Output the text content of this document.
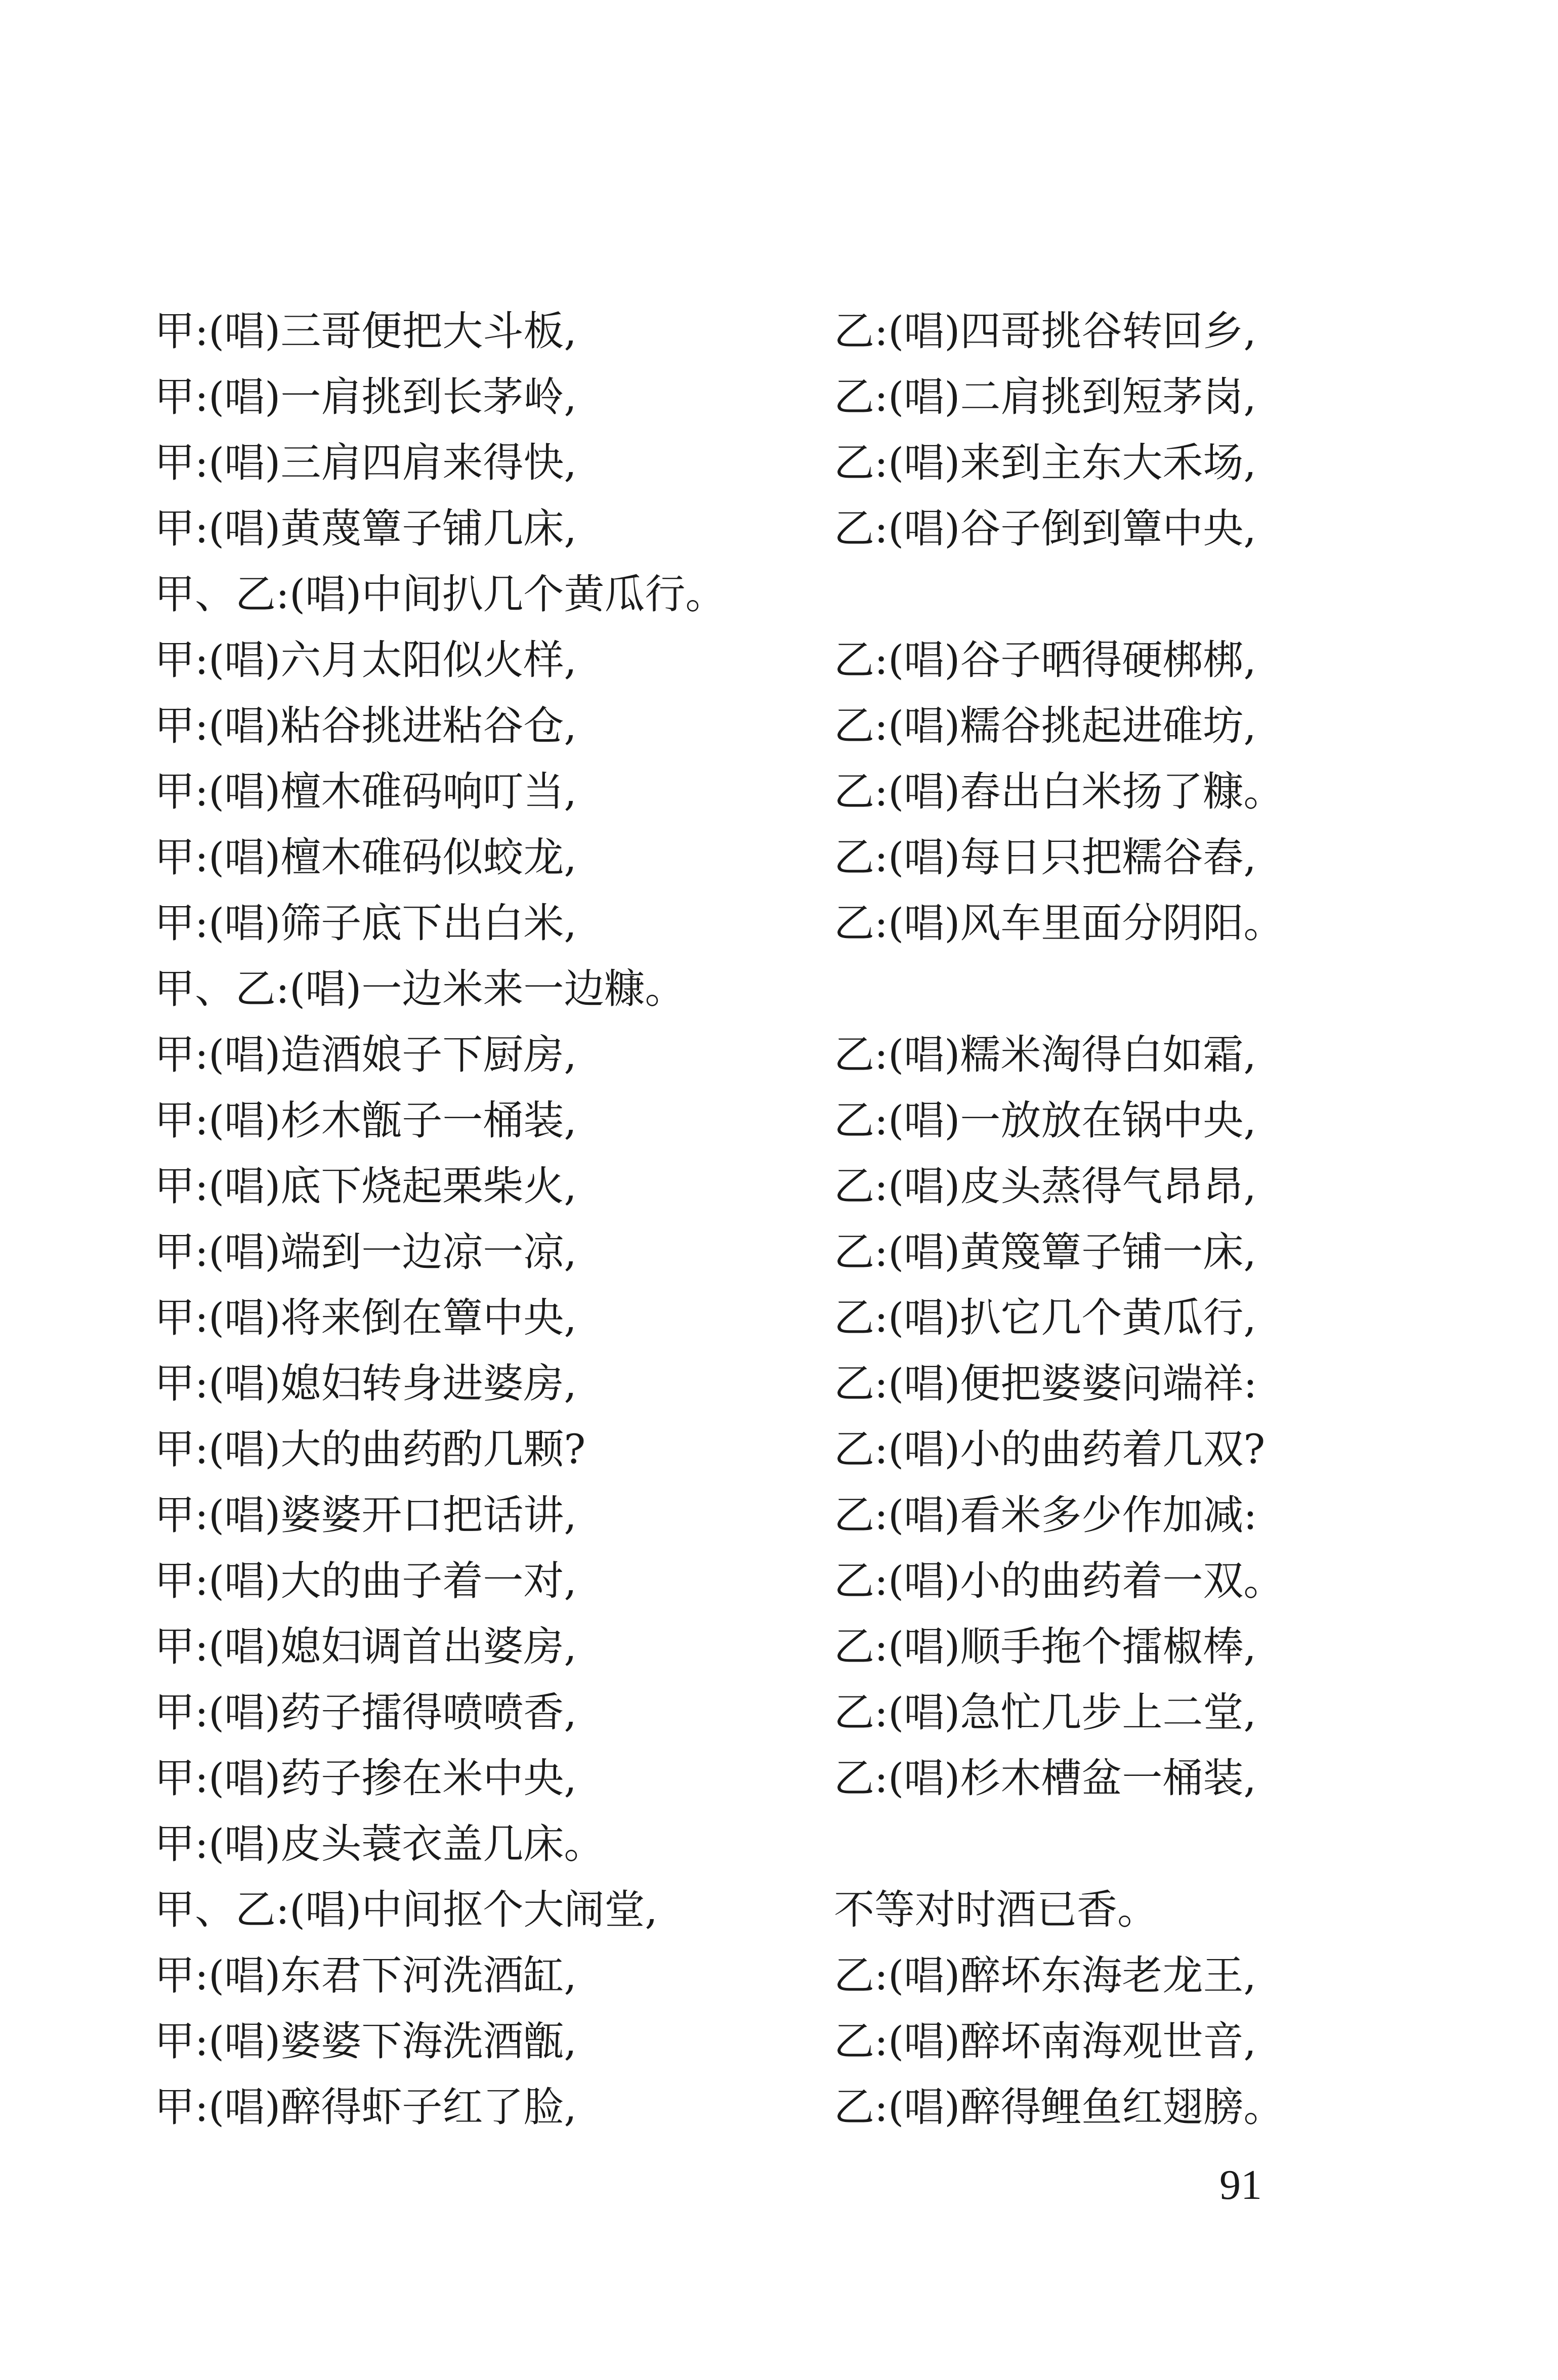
甲:(唱)三哥便把大斗板,	乙:(唱)四哥挑谷转回乡,
甲:(唱)一肩挑到长茅岭,	乙:(唱)二肩挑到短茅岗,
甲:(唱)三肩四肩来得快,	乙:(唱)来到主东大禾场,
甲:(唱)黄蔑簟子铺几床,	乙:(唱)谷子倒到簟中央,
甲、乙:(唱)中间扒几个黄瓜行。
甲:(唱)六月太阳似火样,	乙:(唱)谷子晒得硬梆梆,
甲:(唱)粘谷挑进粘谷仓,	乙:(唱)糯谷挑起进碓坊,
甲:(唱)檀木碓码响叮当,	乙:(唱)舂出白米扬了糠。
甲:(唱)檀木碓码似蛟龙,	乙:(唱)每日只把糯谷舂,
甲:(唱)筛子底下出白米,	乙:(唱)风车里面分阴阳。
甲、乙:(唱)一边米来一边糠。
甲:(唱)造酒娘子下厨房,	乙:(唱)糯米淘得白如霜,
甲:(唱)杉木甑子一桶装,	乙:(唱)一放放在锅中央,
甲:(唱)底下烧起栗柴火,	乙:(唱)皮头蒸得气昂昂,
甲:(唱)端到一边凉一凉,	乙:(唱)黄篾簟子铺一床,
甲:(唱)将来倒在簟中央,	乙:(唱)扒它几个黄瓜行,
甲:(唱)媳妇转身进婆房,	乙:(唱)便把婆婆问端祥:
甲:(唱)大的曲药酌几颗?	乙:(唱)小的曲药着几双?
甲:(唱)婆婆开口把话讲,	乙:(唱)看米多少作加减:
甲:(唱)大的曲子着一对,	乙:(唱)小的曲药着一双。
甲:(唱)媳妇调首出婆房,	乙:(唱)顺手拖个擂椒棒,
甲:(唱)药子擂得喷喷香,	乙:(唱)急忙几步上二堂,
甲:(唱)药子掺在米中央,	乙:(唱)杉木槽盆一桶装,
甲:(唱)皮头蓑衣盖几床。
甲、乙:(唱)中间抠个大闹堂,	不等对时酒已香。
甲:(唱)东君下河洗酒缸,	乙:(唱)醉坏东海老龙王,
甲:(唱)婆婆下海洗酒甑,	乙:(唱)醉坏南海观世音,
甲:(唱)醉得虾子红了脸,	乙:(唱)醉得鲤鱼红翅膀。
91
